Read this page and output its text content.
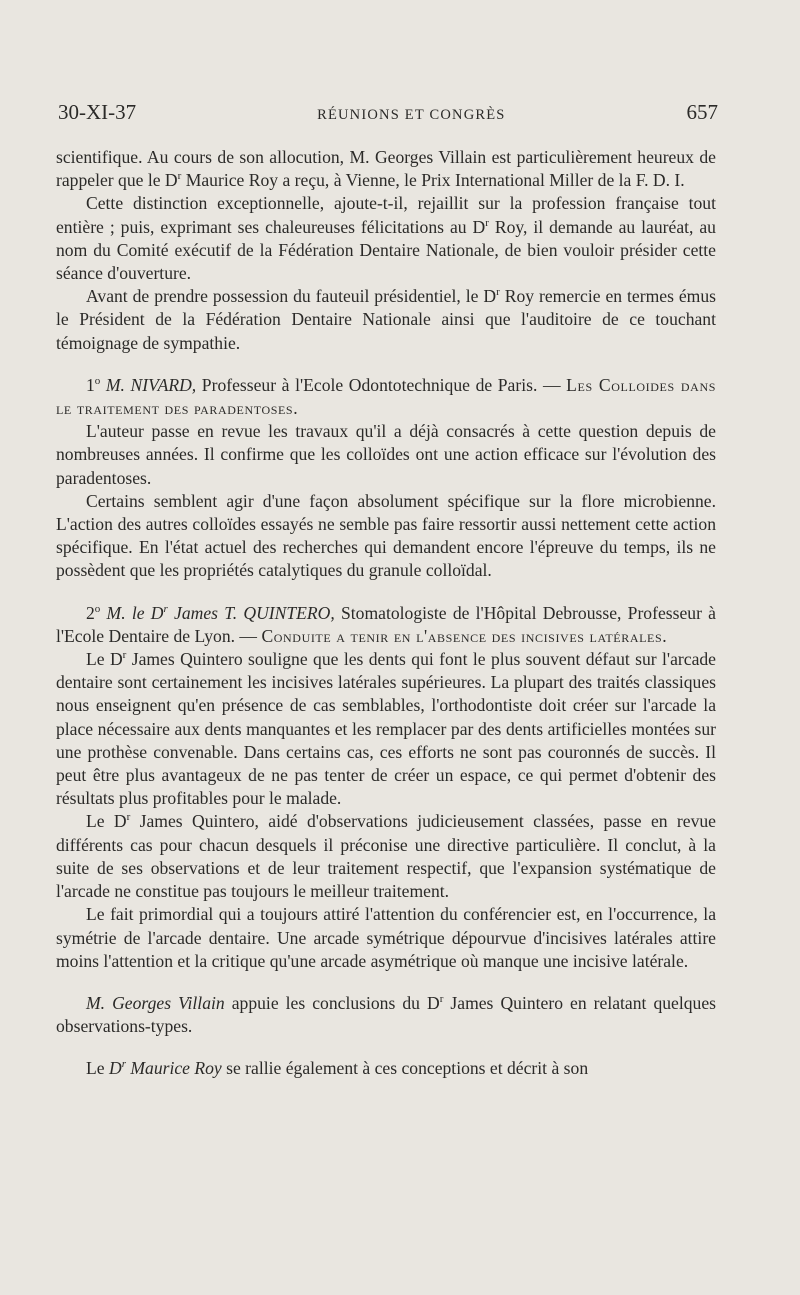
30-XI-37	RÉUNIONS ET CONGRÈS	657

scientifique. Au cours de son allocution, M. Georges Villain est particulièrement heureux de rappeler que le $D^r$ Maurice Roy a reçu, à Vienne, le Prix International Miller de la F. D. I.

Cette distinction exceptionnelle, ajoute-t-il, rejaillit sur la profession française tout entière ; puis, exprimant ses chaleureuses félicitations au $D^r$ Roy, il demande au lauréat, au nom du Comité exécutif de la Fédération Dentaire Nationale, de bien vouloir présider cette séance d'ouverture.

Avant de prendre possession du fauteuil présidentiel, le $D^r$ Roy remercie en termes émus le Président de la Fédération Dentaire Nationale ainsi que l'auditoire de ce touchant témoignage de sympathie.

1$^o$ M. NIVARD, Professeur à l'Ecole Odontotechnique de Paris. — Les Colloides dans le traitement des paradentoses.

L'auteur passe en revue les travaux qu'il a déjà consacrés à cette question depuis de nombreuses années. Il confirme que les colloïdes ont une action efficace sur l'évolution des paradentoses.

Certains semblent agir d'une façon absolument spécifique sur la flore microbienne. L'action des autres colloïdes essayés ne semble pas faire ressortir aussi nettement cette action spécifique. En l'état actuel des recherches qui demandent encore l'épreuve du temps, ils ne possèdent que les propriétés catalytiques du granule colloïdal.

2$^o$ M. le $D^r$ James T. QUINTERO, Stomatologiste de l'Hôpital Debrousse, Professeur à l'Ecole Dentaire de Lyon. — Conduite a tenir en l'absence des incisives latérales.

Le $D^r$ James Quintero souligne que les dents qui font le plus souvent défaut sur l'arcade dentaire sont certainement les incisives latérales supérieures. La plupart des traités classiques nous enseignent qu'en présence de cas semblables, l'orthodontiste doit créer sur l'arcade la place nécessaire aux dents manquantes et les remplacer par des dents artificielles montées sur une prothèse convenable. Dans certains cas, ces efforts ne sont pas couronnés de succès. Il peut être plus avantageux de ne pas tenter de créer un espace, ce qui permet d'obtenir des résultats plus profitables pour le malade.

Le $D^r$ James Quintero, aidé d'observations judicieusement classées, passe en revue différents cas pour chacun desquels il préconise une directive particulière. Il conclut, à la suite de ses observations et de leur traitement respectif, que l'expansion systématique de l'arcade ne constitue pas toujours le meilleur traitement.

Le fait primordial qui a toujours attiré l'attention du conférencier est, en l'occurrence, la symétrie de l'arcade dentaire. Une arcade symétrique dépourvue d'incisives latérales attire moins l'attention et la critique qu'une arcade asymétrique où manque une incisive latérale.

M. Georges Villain appuie les conclusions du $D^r$ James Quintero en relatant quelques observations-types.

Le $D^r$ Maurice Roy se rallie également à ces conceptions et décrit à son
